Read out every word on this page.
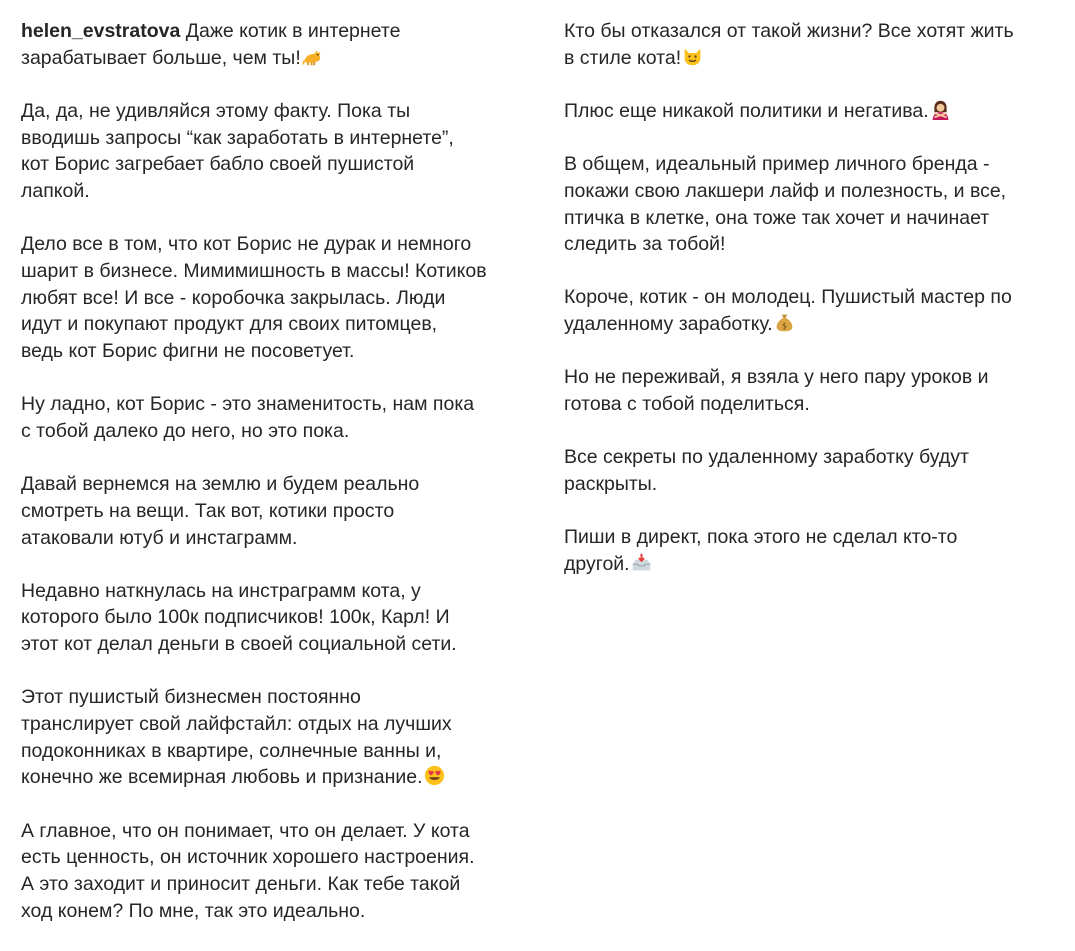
helen_evstratova Даже котик в интернете
зарабатывает больше, чем ты!

Да, да, не удивляйся этому факту. Пока ты
вводишь запросы “как заработать в интернете”,
кот Борис загребает бабло своей пушистой
лапкой.

Дело все в том, что кот Борис не дурак и немного
шарит в бизнесе. Мимимишность в массы! Котиков
любят все! И все - коробочка закрылась. Люди
идут и покупают продукт для своих питомцев,
ведь кот Борис фигни не посоветует.

Ну ладно, кот Борис - это знаменитость, нам пока
с тобой далеко до него, но это пока.

Давай вернемся на землю и будем реально
смотреть на вещи. Так вот, котики просто
атаковали ютуб и инстаграмм.

Недавно наткнулась на инстраграмм кота, у
которого было 100к подписчиков! 100к, Карл! И
этот кот делал деньги в своей социальной сети.

Этот пушистый бизнесмен постоянно
транслирует свой лайфстайл: отдых на лучших
подоконниках в квартире, солнечные ванны и,
конечно же всемирная любовь и признание.

А главное, что он понимает, что он делает. У кота
есть ценность, он источник хорошего настроения.
А это заходит и приносит деньги. Как тебе такой
ход конем? По мне, так это идеально.

Кто бы отказался от такой жизни? Все хотят жить
в стиле кота!

Плюс еще никакой политики и негатива.

В общем, идеальный пример личного бренда -
покажи свою лакшери лайф и полезность, и все,
птичка в клетке, она тоже так хочет и начинает
следить за тобой!

Короче, котик - он молодец. Пушистый мастер по
удаленному заработку. $

Но не переживай, я взяла у него пару уроков и
готова с тобой поделиться.

Все секреты по удаленному заработку будут
раскрыты.

Пиши в директ, пока этого не сделал кто-то
другой.
